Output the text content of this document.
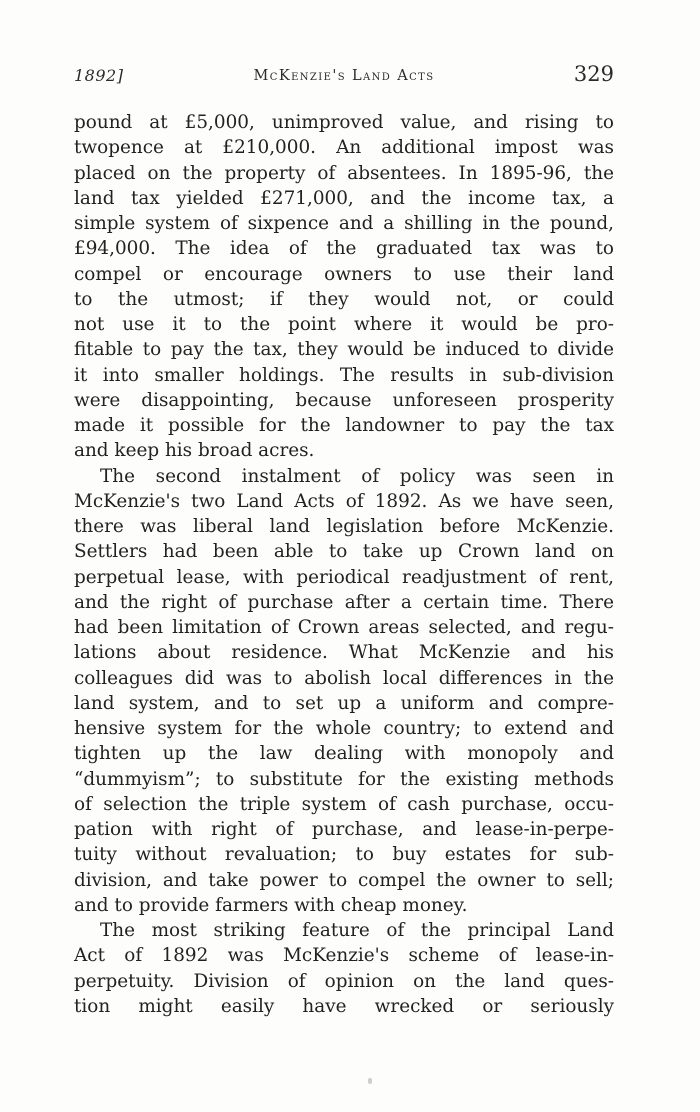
1892]	McKenzie's Land Acts	329
pound at £5,000, unimproved value, and rising to
twopence at £210,000. An additional impost was
placed on the property of absentees. In 1895-96, the
land tax yielded £271,000, and the income tax, a
simple system of sixpence and a shilling in the pound,
£94,000. The idea of the graduated tax was to
compel or encourage owners to use their land
to the utmost; if they would not, or could
not use it to the point where it would be pro-
fitable to pay the tax, they would be induced to divide
it into smaller holdings. The results in sub-division
were disappointing, because unforeseen prosperity
made it possible for the landowner to pay the tax
and keep his broad acres.
The second instalment of policy was seen in
McKenzie's two Land Acts of 1892. As we have seen,
there was liberal land legislation before McKenzie.
Settlers had been able to take up Crown land on
perpetual lease, with periodical readjustment of rent,
and the right of purchase after a certain time. There
had been limitation of Crown areas selected, and regu-
lations about residence. What McKenzie and his
colleagues did was to abolish local differences in the
land system, and to set up a uniform and compre-
hensive system for the whole country; to extend and
tighten up the law dealing with monopoly and
“dummyism”; to substitute for the existing methods
of selection the triple system of cash purchase, occu-
pation with right of purchase, and lease-in-perpe-
tuity without revaluation; to buy estates for sub-
division, and take power to compel the owner to sell;
and to provide farmers with cheap money.
The most striking feature of the principal Land
Act of 1892 was McKenzie's scheme of lease-in-
perpetuity. Division of opinion on the land ques-
tion might easily have wrecked or seriously
